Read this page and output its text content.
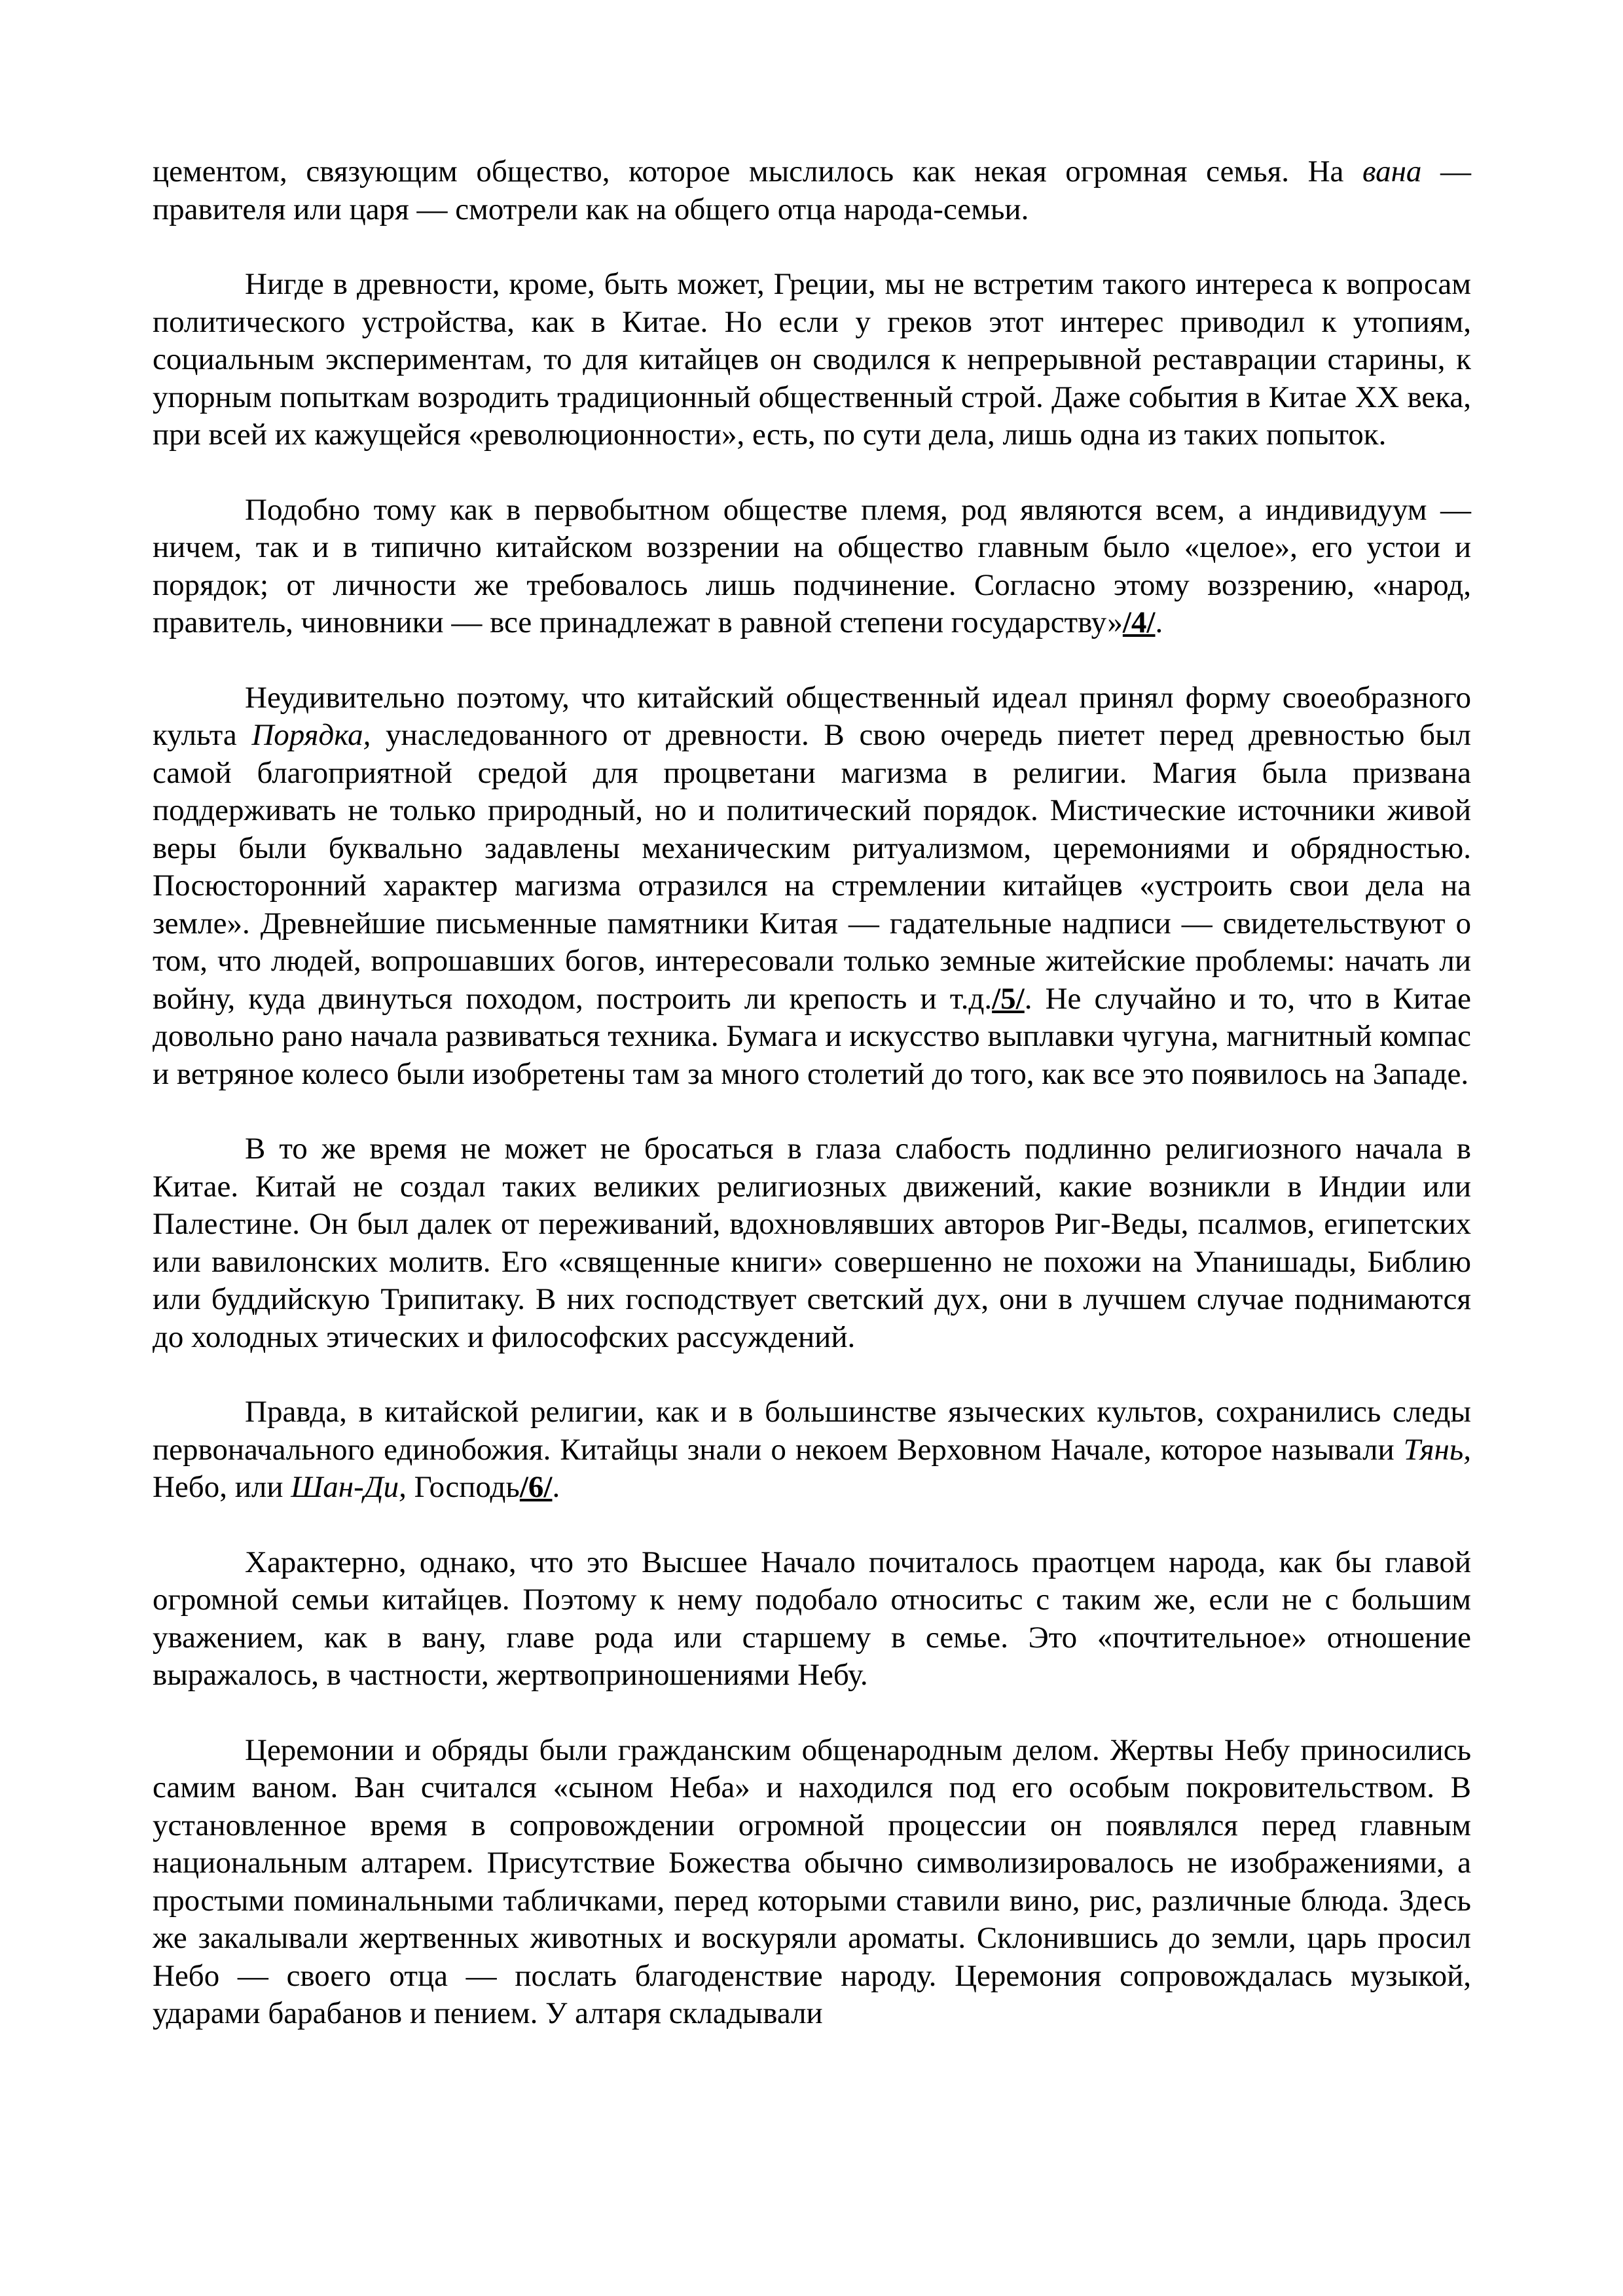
цементом, связующим общество, которое мыслилось как некая огромная семья. На вана — правителя или царя — смотрели как на общего отца народа-семьи.

Нигде в древности, кроме, быть может, Греции, мы не встретим такого интереса к вопросам политического устройства, как в Китае. Но если у греков этот интерес приводил к утопиям, социальным экспериментам, то для китайцев он сводился к непрерывной реставрации старины, к упорным попыткам возродить традиционный общественный строй. Даже события в Китае XX века, при всей их кажущейся «революционности», есть, по сути дела, лишь одна из таких попыток.

Подобно тому как в первобытном обществе племя, род являются всем, а индивидуум — ничем, так и в типично китайском воззрении на общество главным было «целое», его устои и порядок; от личности же требовалось лишь подчинение. Согласно этому воззрению, «народ, правитель, чиновники — все принадлежат в равной степени государству»/4/.

Неудивительно поэтому, что китайский общественный идеал принял форму своеобразного культа Порядка, унаследованного от древности. В свою очередь пиетет перед древностью был самой благоприятной средой для процветани магизма в религии. Магия была призвана поддерживать не только природный, но и политический порядок. Мистические источники живой веры были буквально задавлены механическим ритуализмом, церемониями и обрядностью. Посюсторонний характер магизма отразился на стремлении китайцев «устроить свои дела на земле». Древнейшие письменные памятники Китая — гадательные надписи — свидетельствуют о том, что людей, вопрошавших богов, интересовали только земные житейские проблемы: начать ли войну, куда двинуться походом, построить ли крепость и т.д./5/. Не случайно и то, что в Китае довольно рано начала развиваться техника. Бумага и искусство выплавки чугуна, магнитный компас и ветряное колесо были изобретены там за много столетий до того, как все это появилось на Западе.

В то же время не может не бросаться в глаза слабость подлинно религиозного начала в Китае. Китай не создал таких великих религиозных движений, какие возникли в Индии или Палестине. Он был далек от переживаний, вдохновлявших авторов Риг-Веды, псалмов, египетских или вавилонских молитв. Его «священные книги» совершенно не похожи на Упанишады, Библию или буддийскую Трипитаку. В них господствует светский дух, они в лучшем случае поднимаются до холодных этических и философских рассуждений.

Правда, в китайской религии, как и в большинстве языческих культов, сохранились следы первоначального единобожия. Китайцы знали о некоем Верховном Начале, которое называли Тянь, Небо, или Шан-Ди, Господь/6/.

Характерно, однако, что это Высшее Начало почиталось праотцем народа, как бы главой огромной семьи китайцев. Поэтому к нему подобало относитьс с таким же, если не с большим уважением, как в вану, главе рода или старшему в семье. Это «почтительное» отношение выражалось, в частности, жертвоприношениями Небу.

Церемонии и обряды были гражданским общенародным делом. Жертвы Небу приносились самим ваном. Ван считался «сыном Неба» и находился под его особым покровительством. В установленное время в сопровождении огромной процессии он появлялся перед главным национальным алтарем. Присутствие Божества обычно символизировалось не изображениями, а простыми поминальными табличками, перед которыми ставили вино, рис, различные блюда. Здесь же закалывали жертвенных животных и воскуряли ароматы. Склонившись до земли, царь просил Небо — своего отца — послать благоденствие народу. Церемония сопровождалась музыкой, ударами барабанов и пением. У алтаря складывали
